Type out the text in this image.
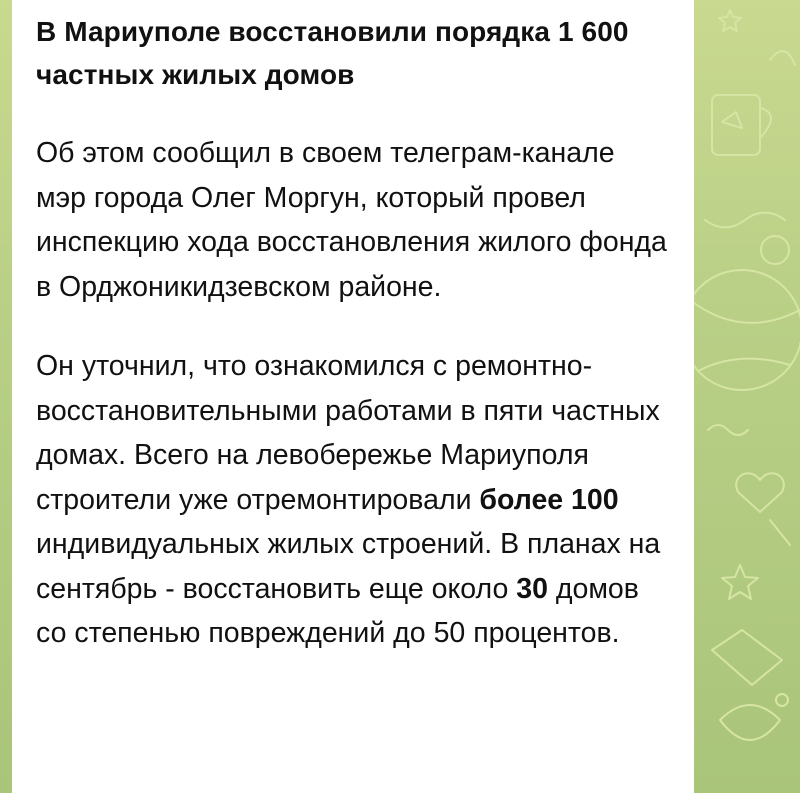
В Мариуполе восстановили порядка 1 600 частных жилых домов

Об этом сообщил в своем телеграм-канале мэр города Олег Моргун, который провел инспекцию хода восстановления жилого фонда в Орджоникидзевском районе.

Он уточнил, что ознакомился с ремонтно-восстановительными работами в пяти частных домах. Всего на левобережье Мариуполя строители уже отремонтировали более 100 индивидуальных жилых строений. В планах на сентябрь - восстановить еще около 30 домов со степенью повреждений до 50 процентов.
